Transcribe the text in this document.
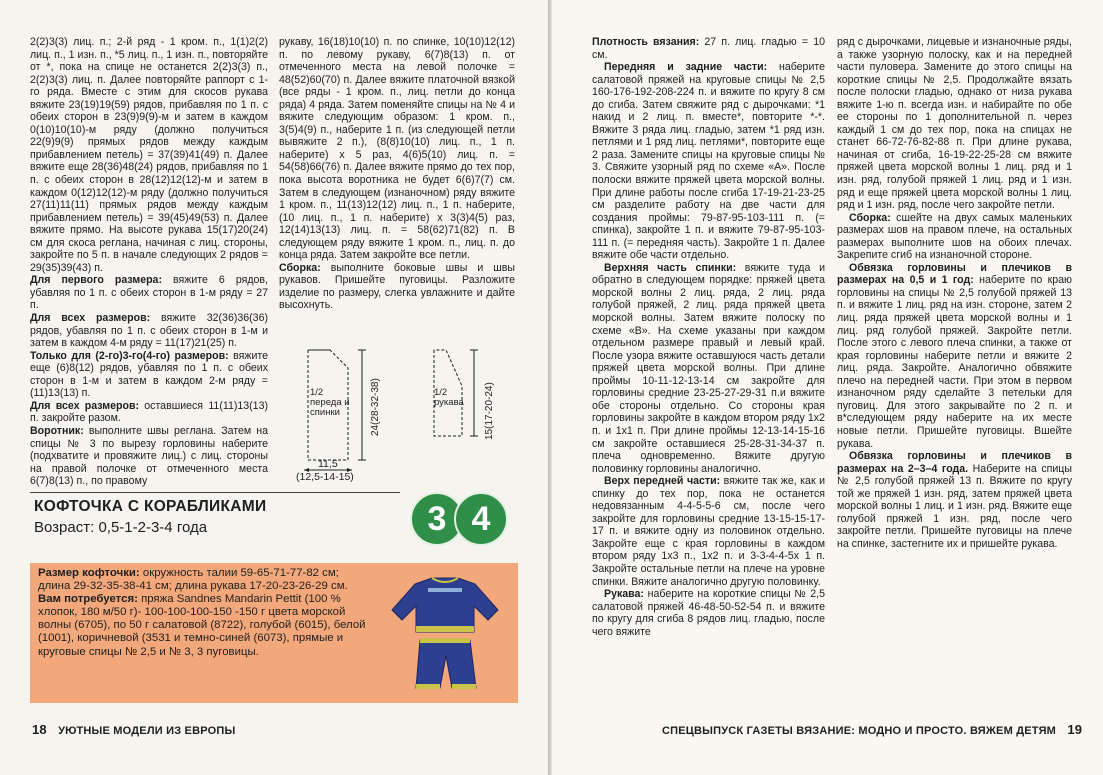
2(2)3(3) лиц. п.; 2-й ряд - 1 кром. п., 1(1)2(2) лиц. п., 1 изн. п., *5 лиц. п., 1 изн. п., повторяйте от *, пока на спице не останется 2(2)3(3) п., 2(2)3(3) лиц. п. Далее повторяйте раппорт с 1-го ряда. Вместе с этим для скосов рукава вяжите 23(19)19(59) рядов, прибавляя по 1 п. с обеих сторон в 23(9)9(9)-м и затем в каждом 0(10)10(10)-м ряду (должно получиться 22(9)9(9) прямых рядов между каждым прибавлением петель) = 37(39)41(49) п. Далее вяжите еще 28(36)48(24) рядов, прибавляя по 1 п. с обеих сторон в 28(12)12(12)-м и затем в каждом 0(12)12(12)-м ряду (должно получиться 27(11)11(11) прямых рядов между каждым прибавлением петель) = 39(45)49(53) п. Далее вяжите прямо. На высоте рукава 15(17)20(24) см для скоса реглана, начиная с лиц. стороны, закройте по 5 п. в начале следующих 2 рядов = 29(35)39(43) п.

Для первого размера: вяжите 6 рядов, убавляя по 1 п. с обеих сторон в 1-м ряду = 27 п.

Для всех размеров: вяжите 32(36)36(36) рядов, убавляя по 1 п. с обеих сторон в 1-м и затем в каждом 4-м ряду = 11(17)21(25) п.

Только для (2-го)3-го(4-го) размеров: вяжите еще (6)8(12) рядов, убавляя по 1 п. с обеих сторон в 1-м и затем в каждом 2-м ряду = (11)13(13) п.

Для всех размеров: оставшиеся 11(11)13(13) п. закройте разом.

Воротник: выполните швы реглана. Затем на спицы № 3 по вырезу горловины наберите (подхватите и провяжите лиц.) с лиц. стороны на правой полочке от отмеченного места 6(7)8(13) п., по правому

рукаву, 16(18)10(10) п. по спинке, 10(10)12(12) п. по левому рукаву, 6(7)8(13) п. от отмеченного места на левой полочке = 48(52)60(70) п. Далее вяжите платочной вязкой (все ряды - 1 кром. п., лиц. петли до конца ряда) 4 ряда. Затем поменяйте спицы на № 4 и вяжите следующим образом: 1 кром. п., 3(5)4(9) п., наберите 1 п. (из следующей петли вывяжите 2 п.), (8(8)10(10) лиц. п., 1 п. наберите) х 5 раз, 4(6)5(10) лиц. п. = 54(58)66(76) п. Далее вяжите прямо до тех пор, пока высота воротника не будет 6(6)7(7) см. Затем в следующем (изнаночном) ряду вяжите 1 кром. п., 11(13)12(12) лиц. п., 1 п. наберите, (10 лиц. п., 1 п. наберите) х 3(3)4(5) раз, 12(14)13(13) лиц. п. = 58(62)71(82) п. В следующем ряду вяжите 1 кром. п., лиц. п. до конца ряда. Затем закройте все петли.

Сборка: выполните боковые швы и швы рукавов. Пришейте пуговицы. Разложите изделие по размеру, слегка увлажните и дайте высохнуть.

1/2 переда и спинки	24(28-32-38)
11,5
(12,5-14-15)
1/2 рукава	15(17-20-24)
КОФТОЧКА С КОРАБЛИКАМИ
Возраст: 0,5-1-2-3-4 года	3 4

Размер кофточки: окружность талии 59-65-71-77-82 см; длина 29-32-35-38-41 см; длина рукава 17-20-23-26-29 см.

Вам потребуется: пряжа Sandnes Mandarin Pettit (100 % хлопок, 180 м/50 г)- 100-100-100-150 -150 г цвета морской волны (6705), по 50 г салатовой (8722), голубой (6015), белой (1001), коричневой (3531 и темно-синей (6073), прямые и круговые спицы № 2,5 и № 3, 3 пуговицы.

18 УЮТНЫЕ МОДЕЛИ ИЗ ЕВРОПЫ

Плотность вязания: 27 п. лиц. гладью = 10 см.

Передняя и задние части: наберите салатовой пряжей на круговые спицы № 2,5 160-176-192-208-224 п. и вяжите по кругу 8 см до сгиба. Затем свяжите ряд с дырочками: *1 накид и 2 лиц. п. вместе*, повторите *-*. Вяжите 3 ряда лиц. гладью, затем *1 ряд изн. петлями и 1 ряд лиц. петлями*, повторите еще 2 раза. Замените спицы на круговые спицы № 3. Свяжите узорный ряд по схеме «А». После полоски вяжите пряжей цвета морской волны. При длине работы после сгиба 17-19-21-23-25 см разделите работу на две части для создания проймы: 79-87-95-103-111 п. (= спинка), закройте 1 п. и вяжите 79-87-95-103-111 п. (= передняя часть). Закройте 1 п. Далее вяжите обе части отдельно.

Верхняя часть спинки: вяжите туда и обратно в следующем порядке: пряжей цвета морской волны 2 лиц. ряда, 2 лиц. ряда голубой пряжей, 2 лиц. ряда пряжей цвета морской волны. Затем вяжите полоску по схеме «В». На схеме указаны при каждом отдельном размере правый и левый край. После узора вяжите оставшуюся часть детали пряжей цвета морской волны. При длине проймы 10-11-12-13-14 см закройте для горловины средние 23-25-27-29-31 п.и вяжите обе стороны отдельно. Со стороны края горловины закройте в каждом втором ряду 1х2 п. и 1х1 п. При длине проймы 12-13-14-15-16 см закройте оставшиеся 25-28-31-34-37 п. плеча одновременно. Вяжите другую половинку горловины аналогично.

Верх передней части: вяжите так же, как и спинку до тех пор, пока не останется недовязанным 4-4-5-5-6 см, после чего закройте для горловины средние 13-15-15-17-17 п. и вяжите одну из половинок отдельно. Закройте еще с края горловины в каждом втором ряду 1х3 п., 1х2 п. и 3-3-4-4-5х 1 п. Закройте остальные петли на плече на уровне спинки. Вяжите аналогично другую половинку.

Рукава: наберите на короткие спицы № 2,5 салатовой пряжей 46-48-50-52-54 п. и вяжите по кругу для сгиба 8 рядов лиц. гладью, после чего вяжите

ряд с дырочками, лицевые и изнаночные ряды, а также узорную полоску, как и на передней части пуловера. Замените до этого спицы на короткие спицы № 2,5. Продолжайте вязать после полоски гладью, однако от низа рукава вяжите 1-ю п. всегда изн. и набирайте по обе ее стороны по 1 дополнительной п. через каждый 1 см до тех пор, пока на спицах не станет 66-72-76-82-88 п. При длине рукава, начиная от сгиба, 16-19-22-25-28 см вяжите пряжей цвета морской волны 1 лиц. ряд и 1 изн. ряд, голубой пряжей 1 лиц. ряд и 1 изн. ряд и еще пряжей цвета морской волны 1 лиц. ряд и 1 изн. ряд, после чего закройте петли.

Сборка: сшейте на двух самых маленьких размерах шов на правом плече, на остальных размерах выполните шов на обоих плечах. Закрепите сгиб на изнаночной стороне.

Обвязка горловины и плечиков в размерах на 0,5 и 1 год: наберите по краю горловины на спицы № 2,5 голубой пряжей 13 п. и вяжите 1 лиц. ряд на изн. стороне, затем 2 лиц. ряда пряжей цвета морской волны и 1 лиц. ряд голубой пряжей. Закройте петли. После этого с левого плеча спинки, а также от края горловины наберите петли и вяжите 2 лиц. ряда. Закройте. Аналогично обвяжите плечо на передней части. При этом в первом изнаночном ряду сделайте 3 петельки для пуговиц. Для этого закрывайте по 2 п. и в*следующем ряду наберите на их месте новые петли. Пришейте пуговицы. Вшейте рукава.

Обвязка горловины и плечиков в размерах на 2–3–4 года. Наберите на спицы № 2,5 голубой пряжей 13 п. Вяжите по кругу той же пряжей 1 изн. ряд, затем пряжей цвета морской волны 1 лиц. и 1 изн. ряд. Вяжите еще голубой пряжей 1 изн. ряд, после чего закройте петли. Пришейте пуговицы на плече на спинке, застегните их и пришейте рукава.

СПЕЦВЫПУСК ГАЗЕТЫ ВЯЗАНИЕ: МОДНО И ПРОСТО. ВЯЖЕМ ДЕТЯМ 19
